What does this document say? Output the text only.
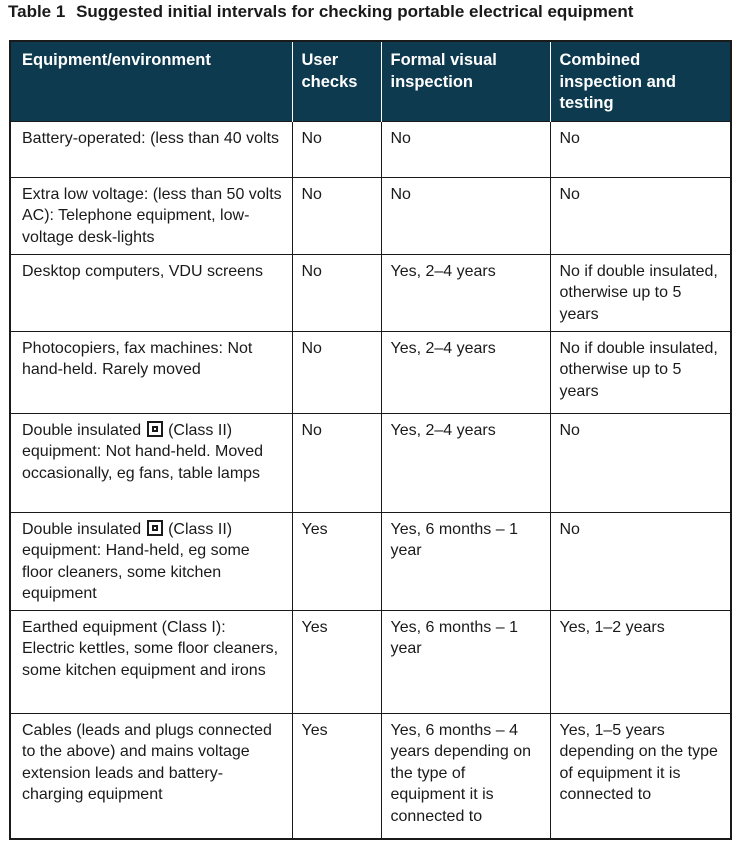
Table 1 Suggested initial intervals for checking portable electrical equipment
Equipment/environment	User checks	Formal visual inspection	Combined inspection and testing
Battery-operated: (less than 40 volts	No	No	No
Extra low voltage: (less than 50 volts AC): Telephone equipment, low-voltage desk-lights	No	No	No
Desktop computers, VDU screens	No	Yes, 2–4 years	No if double insulated, otherwise up to 5 years
Photocopiers, fax machines: Not hand-held. Rarely moved	No	Yes, 2–4 years	No if double insulated, otherwise up to 5 years
Double insulated  (Class II) equipment: Not hand-held. Moved occasionally, eg fans, table lamps	No	Yes, 2–4 years	No
Double insulated  (Class II) equipment: Hand-held, eg some floor cleaners, some kitchen equipment	Yes	Yes, 6 months – 1 year	No
Earthed equipment (Class I): Electric kettles, some floor cleaners, some kitchen equipment and irons	Yes	Yes, 6 months – 1 year	Yes, 1–2 years
Cables (leads and plugs connected to the above) and mains voltage extension leads and battery-charging equipment	Yes	Yes, 6 months – 4 years depending on the type of equipment it is connected to	Yes, 1–5 years depending on the type of equipment it is connected to
